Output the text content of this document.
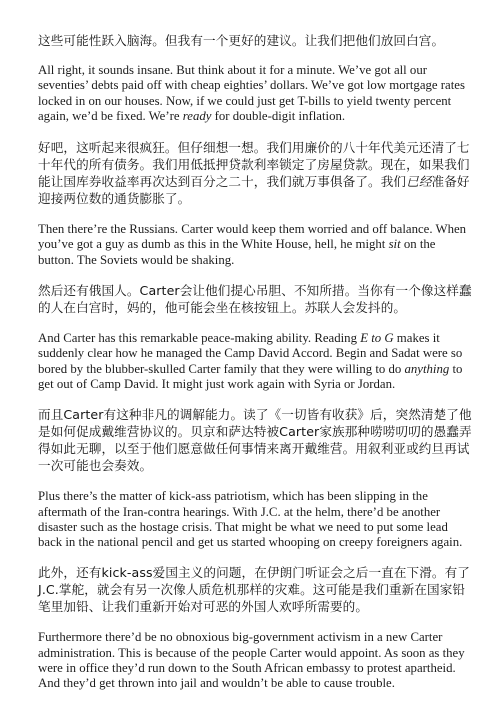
这些可能性跃入脑海。但我有一个更好的建议。让我们把他们放回白宫。

All right, it sounds insane. But think about it for a minute. We’ve got all our seventies’ debts paid off with cheap eighties’ dollars. We’ve got low mortgage rates locked in on our houses. Now, if we could just get T-bills to yield twenty percent again, we’d be fixed. We’re ready for double-digit inflation.

好吧，这听起来很疯狂。但仔细想一想。我们用廉价的八十年代美元还清了七十年代的所有债务。我们用低抵押贷款利率锁定了房屋贷款。现在，如果我们能让国库券收益率再次达到百分之二十，我们就万事俱备了。我们已经准备好迎接两位数的通货膨胀了。

Then there’re the Russians. Carter would keep them worried and off balance. When you’ve got a guy as dumb as this in the White House, hell, he might sit on the button. The Soviets would be shaking.

然后还有俄国人。Carter会让他们提心吊胆、不知所措。当你有一个像这样蠢的人在白宫时，妈的，他可能会坐在核按钮上。苏联人会发抖的。

And Carter has this remarkable peace-making ability. Reading E to G makes it suddenly clear how he managed the Camp David Accord. Begin and Sadat were so bored by the blubber-skulled Carter family that they were willing to do anything to get out of Camp David. It might just work again with Syria or Jordan.

而且Carter有这种非凡的调解能力。读了《一切皆有收获》后，突然清楚了他是如何促成戴维营协议的。贝京和萨达特被Carter家族那种唠唠叨叨的愚蠢弄得如此无聊，以至于他们愿意做任何事情来离开戴维营。用叙利亚或约旦再试一次可能也会奏效。

Plus there’s the matter of kick-ass patriotism, which has been slipping in the aftermath of the Iran-contra hearings. With J.C. at the helm, there’d be another disaster such as the hostage crisis. That might be what we need to put some lead back in the national pencil and get us started whooping on creepy foreigners again.

此外，还有kick-ass爱国主义的问题，在伊朗门听证会之后一直在下滑。有了J.C.掌舵，就会有另一次像人质危机那样的灾难。这可能是我们重新在国家铅笔里加铅、让我们重新开始对可恶的外国人欢呼所需要的。

Furthermore there’d be no obnoxious big-government activism in a new Carter administration. This is because of the people Carter would appoint. As soon as they were in office they’d run down to the South African embassy to protest apartheid. And they’d get thrown into jail and wouldn’t be able to cause trouble.
